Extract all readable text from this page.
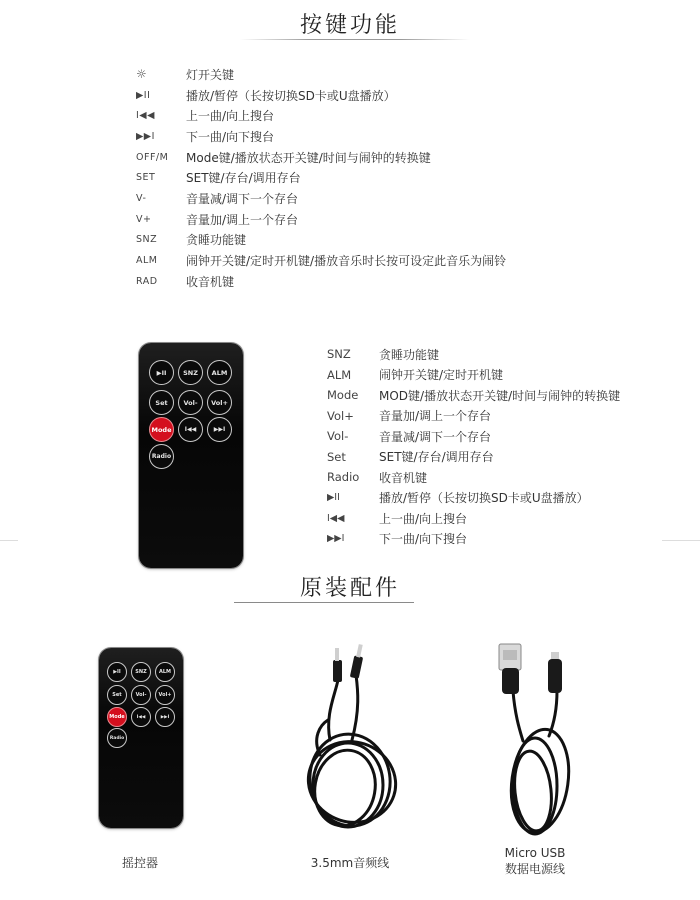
按键功能
☼	灯开关键
▶II	播放/暂停（长按切换SD卡或U盘播放）
I◀◀	上一曲/向上搜台
▶▶I	下一曲/向下搜台
OFF/M	Mode键/播放状态开关键/时间与闹钟的转换键
SET	SET键/存台/调用存台
V-	音量减/调下一个存台
V+	音量加/调上一个存台
SNZ	贪睡功能键
ALM	闹钟开关键/定时开机键/播放音乐时长按可设定此音乐为闹铃
RAD	收音机键
▶II	SNZ	ALM
Set	Vol-	Vol+
Mode	I◀◀	▶▶I
Radio
SNZ	贪睡功能键
ALM	闹钟开关键/定时开机键
Mode	MOD键/播放状态开关键/时间与闹钟的转换键
Vol+	音量加/调上一个存台
Vol-	音量减/调下一个存台
Set	SET键/存台/调用存台
Radio	收音机键
▶II	播放/暂停（长按切换SD卡或U盘播放）
I◀◀	上一曲/向上搜台
▶▶I	下一曲/向下搜台
原装配件
▶II	SNZ	ALM
Set	Vol-	Vol+
Mode	I◀◀	▶▶I
Radio
摇控器	3.5mm音频线
Micro USB
数据电源线
